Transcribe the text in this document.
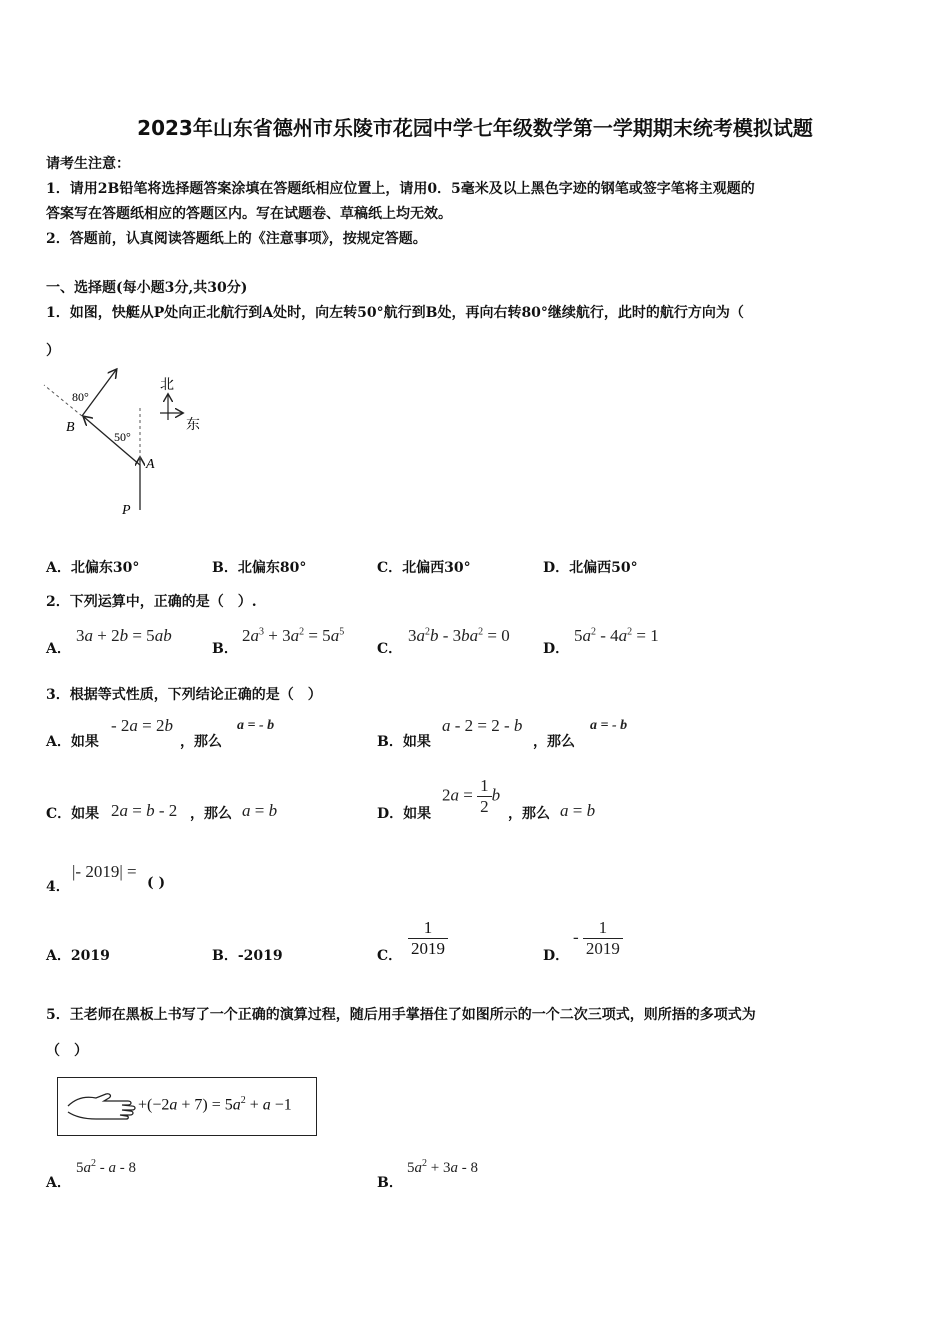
2023年山东省德州市乐陵市花园中学七年级数学第一学期期末统考模拟试题
请考生注意：
1．请用2B铅笔将选择题答案涂填在答题纸相应位置上，请用0．5毫米及以上黑色字迹的钢笔或签字笔将主观题的
答案写在答题纸相应的答题区内。写在试题卷、草稿纸上均无效。
2．答题前，认真阅读答题纸上的《注意事项》，按规定答题。
一、选择题(每小题3分,共30分)
1．如图，快艇从P处向正北航行到A处时，向左转50°航行到B处，再向右转80°继续航行，此时的航行方向为（
）
北
东
80°
50°
B
A
P
A．北偏东30°	B．北偏东80°	C．北偏西30°	D．北偏西50°
2．下列运算中，正确的是（　）.
A．
3a + 2b = 5ab
B．
$2a^3 + 3a^2 = 5a^5$
C．
$3a^2b - 3ba^2 = 0$
D．
$5a^2 - 4a^2 = 1$
3．根据等式性质，下列结论正确的是（　）
A．如果
- 2a = 2b
，那么
a = - b
B．如果
a - 2 = 2 - b
，那么
a = - b
C．如果 2a = b - 2 ，那么 a = b	D．如果
$2a = \frac{1}{2}$ b
，那么 a = b
4．
|- 2019| =
( )
A．2019	B．-2019	C． $\frac{1}{2019}$	D．
- $\frac{1}{2019}$
5．王老师在黑板上书写了一个正确的演算过程，随后用手掌捂住了如图所示的一个二次三项式，则所捂的多项式为
（　）
$+(-2a + 7) = 5a^2 + a -1$
A．
$5a^2$ - a - 8
B．
$5a^2 + 3a - 8$
